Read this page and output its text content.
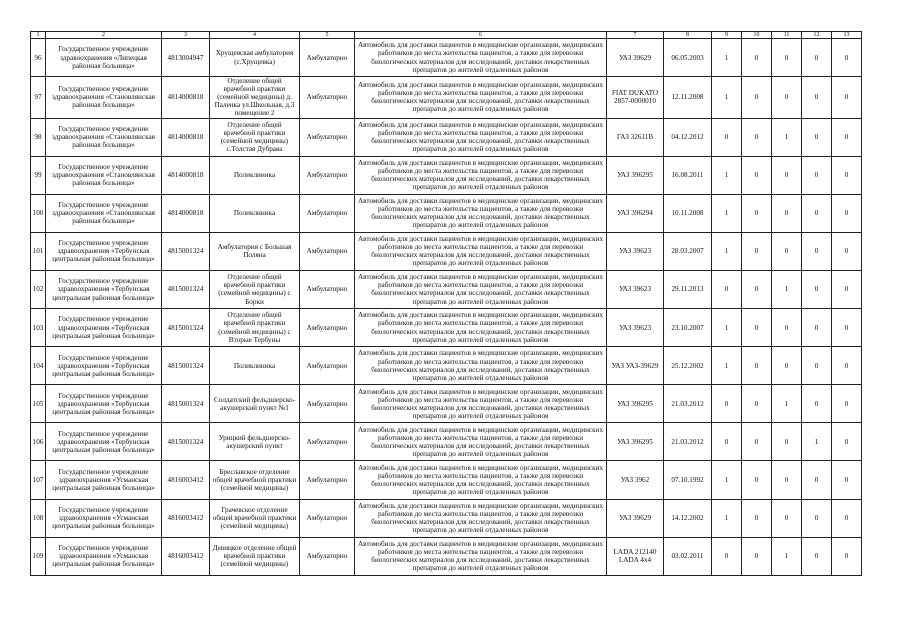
1	2	3	4	5	6	7	8	9	10	11	12	13
96	Государственное учреждение здравоохранения «Липецкая районная больница»	4813004947	Хрущевская амбулатория (с.Хрущевка)	Амбулаторно	Автомобиль для доставки пациентов в медицинские организации, медицинских работников до места жительства пациентов, а также для перевозки биологических материалов для исследований, доставки лекарственных препаратов до жителей отдаленных районов	УАЗ 39629	06.05.2003	1	0	0	0	0
97	Государственное учреждение здравоохранения «Становлянская районная больница»	4814000818	Отделение общей врачебной практики (семейной медицины) д. Паленка ул.Школьная, д.3 помещение 2	Амбулаторно	Автомобиль для доставки пациентов в медицинские организации, медицинских работников до места жительства пациентов, а также для перевозки биологических материалов для исследований, доставки лекарственных препаратов до жителей отдаленных районов	FIAT DUKATO 2857-0000010	12.11.2008	1	0	0	0	0
98	Государственное учреждение здравоохранения «Становлянская районная больница»	4814000818	Отделение общей врачебной практики (семейной медицины) с.Толстая Дубрава	Амбулаторно	Автомобиль для доставки пациентов в медицинские организации, медицинских работников до места жительства пациентов, а также для перевозки биологических материалов для исследований, доставки лекарственных препаратов до жителей отдаленных районов	ГАЗ 32611В	04.12.2012	0	0	1	0	0
99	Государственное учреждение здравоохранения «Становлянская районная больница»	4814000818	Поликлиника	Амбулаторно	Автомобиль для доставки пациентов в медицинские организации, медицинских работников до места жительства пациентов, а также для перевозки биологических материалов для исследований, доставки лекарственных препаратов до жителей отдаленных районов	УАЗ 396295	16.08.2011	1	0	0	0	0
100	Государственное учреждение здравоохранения «Становлянская районная больница»	4814000818	Поликлиника	Амбулаторно	Автомобиль для доставки пациентов в медицинские организации, медицинских работников до места жительства пациентов, а также для перевозки биологических материалов для исследований, доставки лекарственных препаратов до жителей отдаленных районов	УАЗ 396294	10.11.2008	1	0	0	0	0
101	Государственное учреждение здравоохранения «Тербунская центральная районная больница»	4815001324	Амбулатория с Большая Поляна	Амбулаторно	Автомобиль для доставки пациентов в медицинские организации, медицинских работников до места жительства пациентов, а также для перевозки биологических материалов для исследований, доставки лекарственных препаратов до жителей отдаленных районов	УАЗ 39623	28.03.2007	1	0	0	0	0
102	Государственное учреждение здравоохранения «Тербунская центральная районная больница»	4815001324	Отделение общей врачебной практики (семейной медицины) с Борки	Амбулаторно	Автомобиль для доставки пациентов в медицинские организации, медицинских работников до места жительства пациентов, а также для перевозки биологических материалов для исследований, доставки лекарственных препаратов до жителей отдаленных районов	УАЗ 39623	29.11.2013	0	0	1	0	0
103	Государственное учреждение здравоохранения «Тербунская центральная районная больница»	4815001324	Отделение общей врачебной практики (семейной медицины) с Вторые Тербуны	Амбулаторно	Автомобиль для доставки пациентов в медицинские организации, медицинских работников до места жительства пациентов, а также для перевозки биологических материалов для исследований, доставки лекарственных препаратов до жителей отдаленных районов	УАЗ 39623	23.10.2007	1	0	0	0	0
104	Государственное учреждение здравоохранения «Тербунская центральная районная больница»	4815001324	Поликлиника	Амбулаторно	Автомобиль для доставки пациентов в медицинские организации, медицинских работников до места жительства пациентов, а также для перевозки биологических материалов для исследований, доставки лекарственных препаратов до жителей отдаленных районов	УАЗ УАЗ-39629	25.12.2002	1	0	0	0	0
105	Государственное учреждение здравоохранения «Тербунская центральная районная больница»	4815001324	Солдатский фельдшерско-акушерский пункт №1	Амбулаторно	Автомобиль для доставки пациентов в медицинские организации, медицинских работников до места жительства пациентов, а также для перевозки биологических материалов для исследований, доставки лекарственных препаратов до жителей отдаленных районов	УАЗ 396295	21.03.2012	0	0	1	0	0
106	Государственное учреждение здравоохранения «Тербунская центральная районная больница»	4815001324	Урицкий фельдшерско-акушерский пункт	Амбулаторно	Автомобиль для доставки пациентов в медицинские организации, медицинских работников до места жительства пациентов, а также для перевозки биологических материалов для исследований, доставки лекарственных препаратов до жителей отдаленных районов	УАЗ 396295	21.03.2012	0	0	0	1	0
107	Государственное учреждение здравоохранения «Усманская центральная районная больница»	4816003412	Бреславское отделение общей врачебной практики (семейной медицины)	Амбулаторно	Автомобиль для доставки пациентов в медицинские организации, медицинских работников до места жительства пациентов, а также для перевозки биологических материалов для исследований, доставки лекарственных препаратов до жителей отдаленных районов	УАЗ 3962	07.10.1992	1	0	0	0	0
108	Государственное учреждение здравоохранения «Усманская центральная районная больница»	4816003412	Грачевское отделение общей врачебной практики (семейной медицины)	Амбулаторно	Автомобиль для доставки пациентов в медицинские организации, медицинских работников до места жительства пациентов, а также для перевозки биологических материалов для исследований, доставки лекарственных препаратов до жителей отдаленных районов	УАЗ 39629	14.12.2002	1	0	0	0	0
109	Государственное учреждение здравоохранения «Усманская центральная районная больница»	4816003412	Девицкое отделение общей врачебной практики (семейной медицины)	Амбулаторно	Автомобиль для доставки пациентов в медицинские организации, медицинских работников до места жительства пациентов, а также для перевозки биологических материалов для исследований, доставки лекарственных препаратов до жителей отдаленных районов	LADA 212140 LADA 4х4	03.02.2011	0	0	1	0	0
